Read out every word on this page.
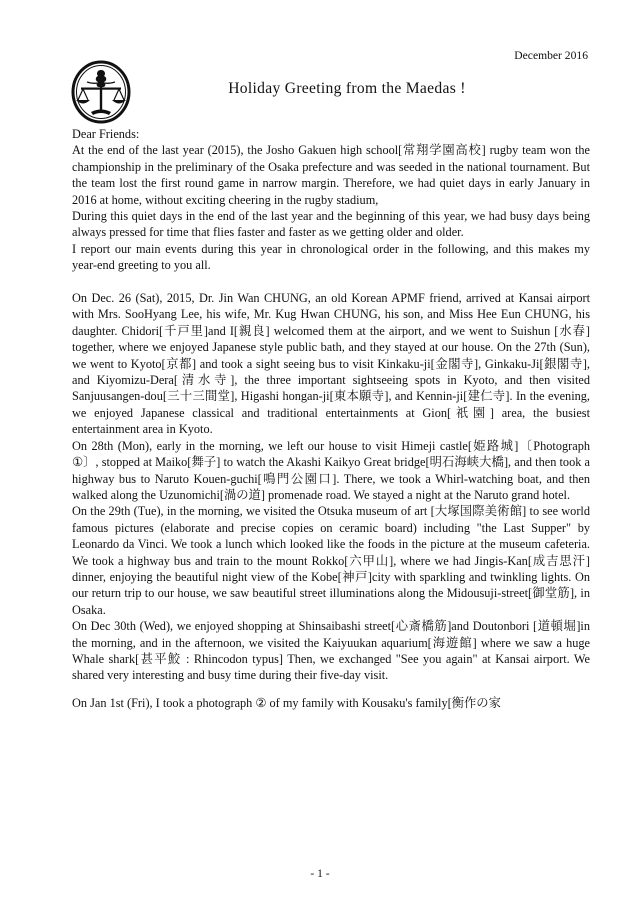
December 2016
Holiday Greeting from the Maedas !

Dear Friends:

At the end of the last year (2015), the Josho Gakuen high school[常翔学園高校] rugby team won the championship in the preliminary of the Osaka prefecture and was seeded in the national tournament. But the team lost the first round game in narrow margin. Therefore, we had quiet days in early January in 2016 at home, without exciting cheering in the rugby stadium,

During this quiet days in the end of the last year and the beginning of this year, we had busy days being always pressed for time that flies faster and faster as we getting older and older.

I report our main events during this year in chronological order in the following, and this makes my year-end greeting to you all.

On Dec. 26 (Sat), 2015, Dr. Jin Wan CHUNG, an old Korean APMF friend, arrived at Kansai airport with Mrs. SooHyang Lee, his wife, Mr. Kug Hwan CHUNG, his son, and Miss Hee Eun CHUNG, his daughter. Chidori[千戸里]and I[親良] welcomed them at the airport, and we went to Suishun [水春] together, where we enjoyed Japanese style public bath, and they stayed at our house. On the 27th (Sun), we went to Kyoto[京都] and took a sight seeing bus to visit Kinkaku-ji[金閣寺], Ginkaku-Ji[銀閣寺], and Kiyomizu-Dera[清水寺], the three important sightseeing spots in Kyoto, and then visited Sanjuusangen-dou[三十三間堂], Higashi hongan-ji[東本願寺], and Kennin-ji[建仁寺]. In the evening, we enjoyed Japanese classical and traditional entertainments at Gion[祇園] area, the busiest entertainment area in Kyoto.

On 28th (Mon), early in the morning, we left our house to visit Himeji castle[姫路城]〔Photograph ①〕, stopped at Maiko[舞子] to watch the Akashi Kaikyo Great bridge[明石海峡大橋], and then took a highway bus to Naruto Kouen-guchi[鳴門公園口]. There, we took a Whirl-watching boat, and then walked along the Uzunomichi[渦の道] promenade road. We stayed a night at the Naruto grand hotel.

On the 29th (Tue), in the morning, we visited the Otsuka museum of art [大塚国際美術館] to see world famous pictures (elaborate and precise copies on ceramic board) including "the Last Supper" by Leonardo da Vinci. We took a lunch which looked like the foods in the picture at the museum cafeteria. We took a highway bus and train to the mount Rokko[六甲山], where we had Jingis-Kan[成吉思汗] dinner, enjoying the beautiful night view of the Kobe[神戸]city with sparkling and twinkling lights. On our return trip to our house, we saw beautiful street illuminations along the Midousuji-street[御堂筋], in Osaka.

On Dec 30th (Wed), we enjoyed shopping at Shinsaibashi street[心斎橋筋]and Doutonbori [道頓堀]in the morning, and in the afternoon, we visited the Kaiyuukan aquarium[海遊館] where we saw a huge Whale shark[甚平鮫 : Rhincodon typus] Then, we exchanged "See you again" at Kansai airport. We shared very interesting and busy time during their five-day visit.

On Jan 1st (Fri), I took a photograph ② of my family with Kousaku's family[衡作の家

- 1 -
